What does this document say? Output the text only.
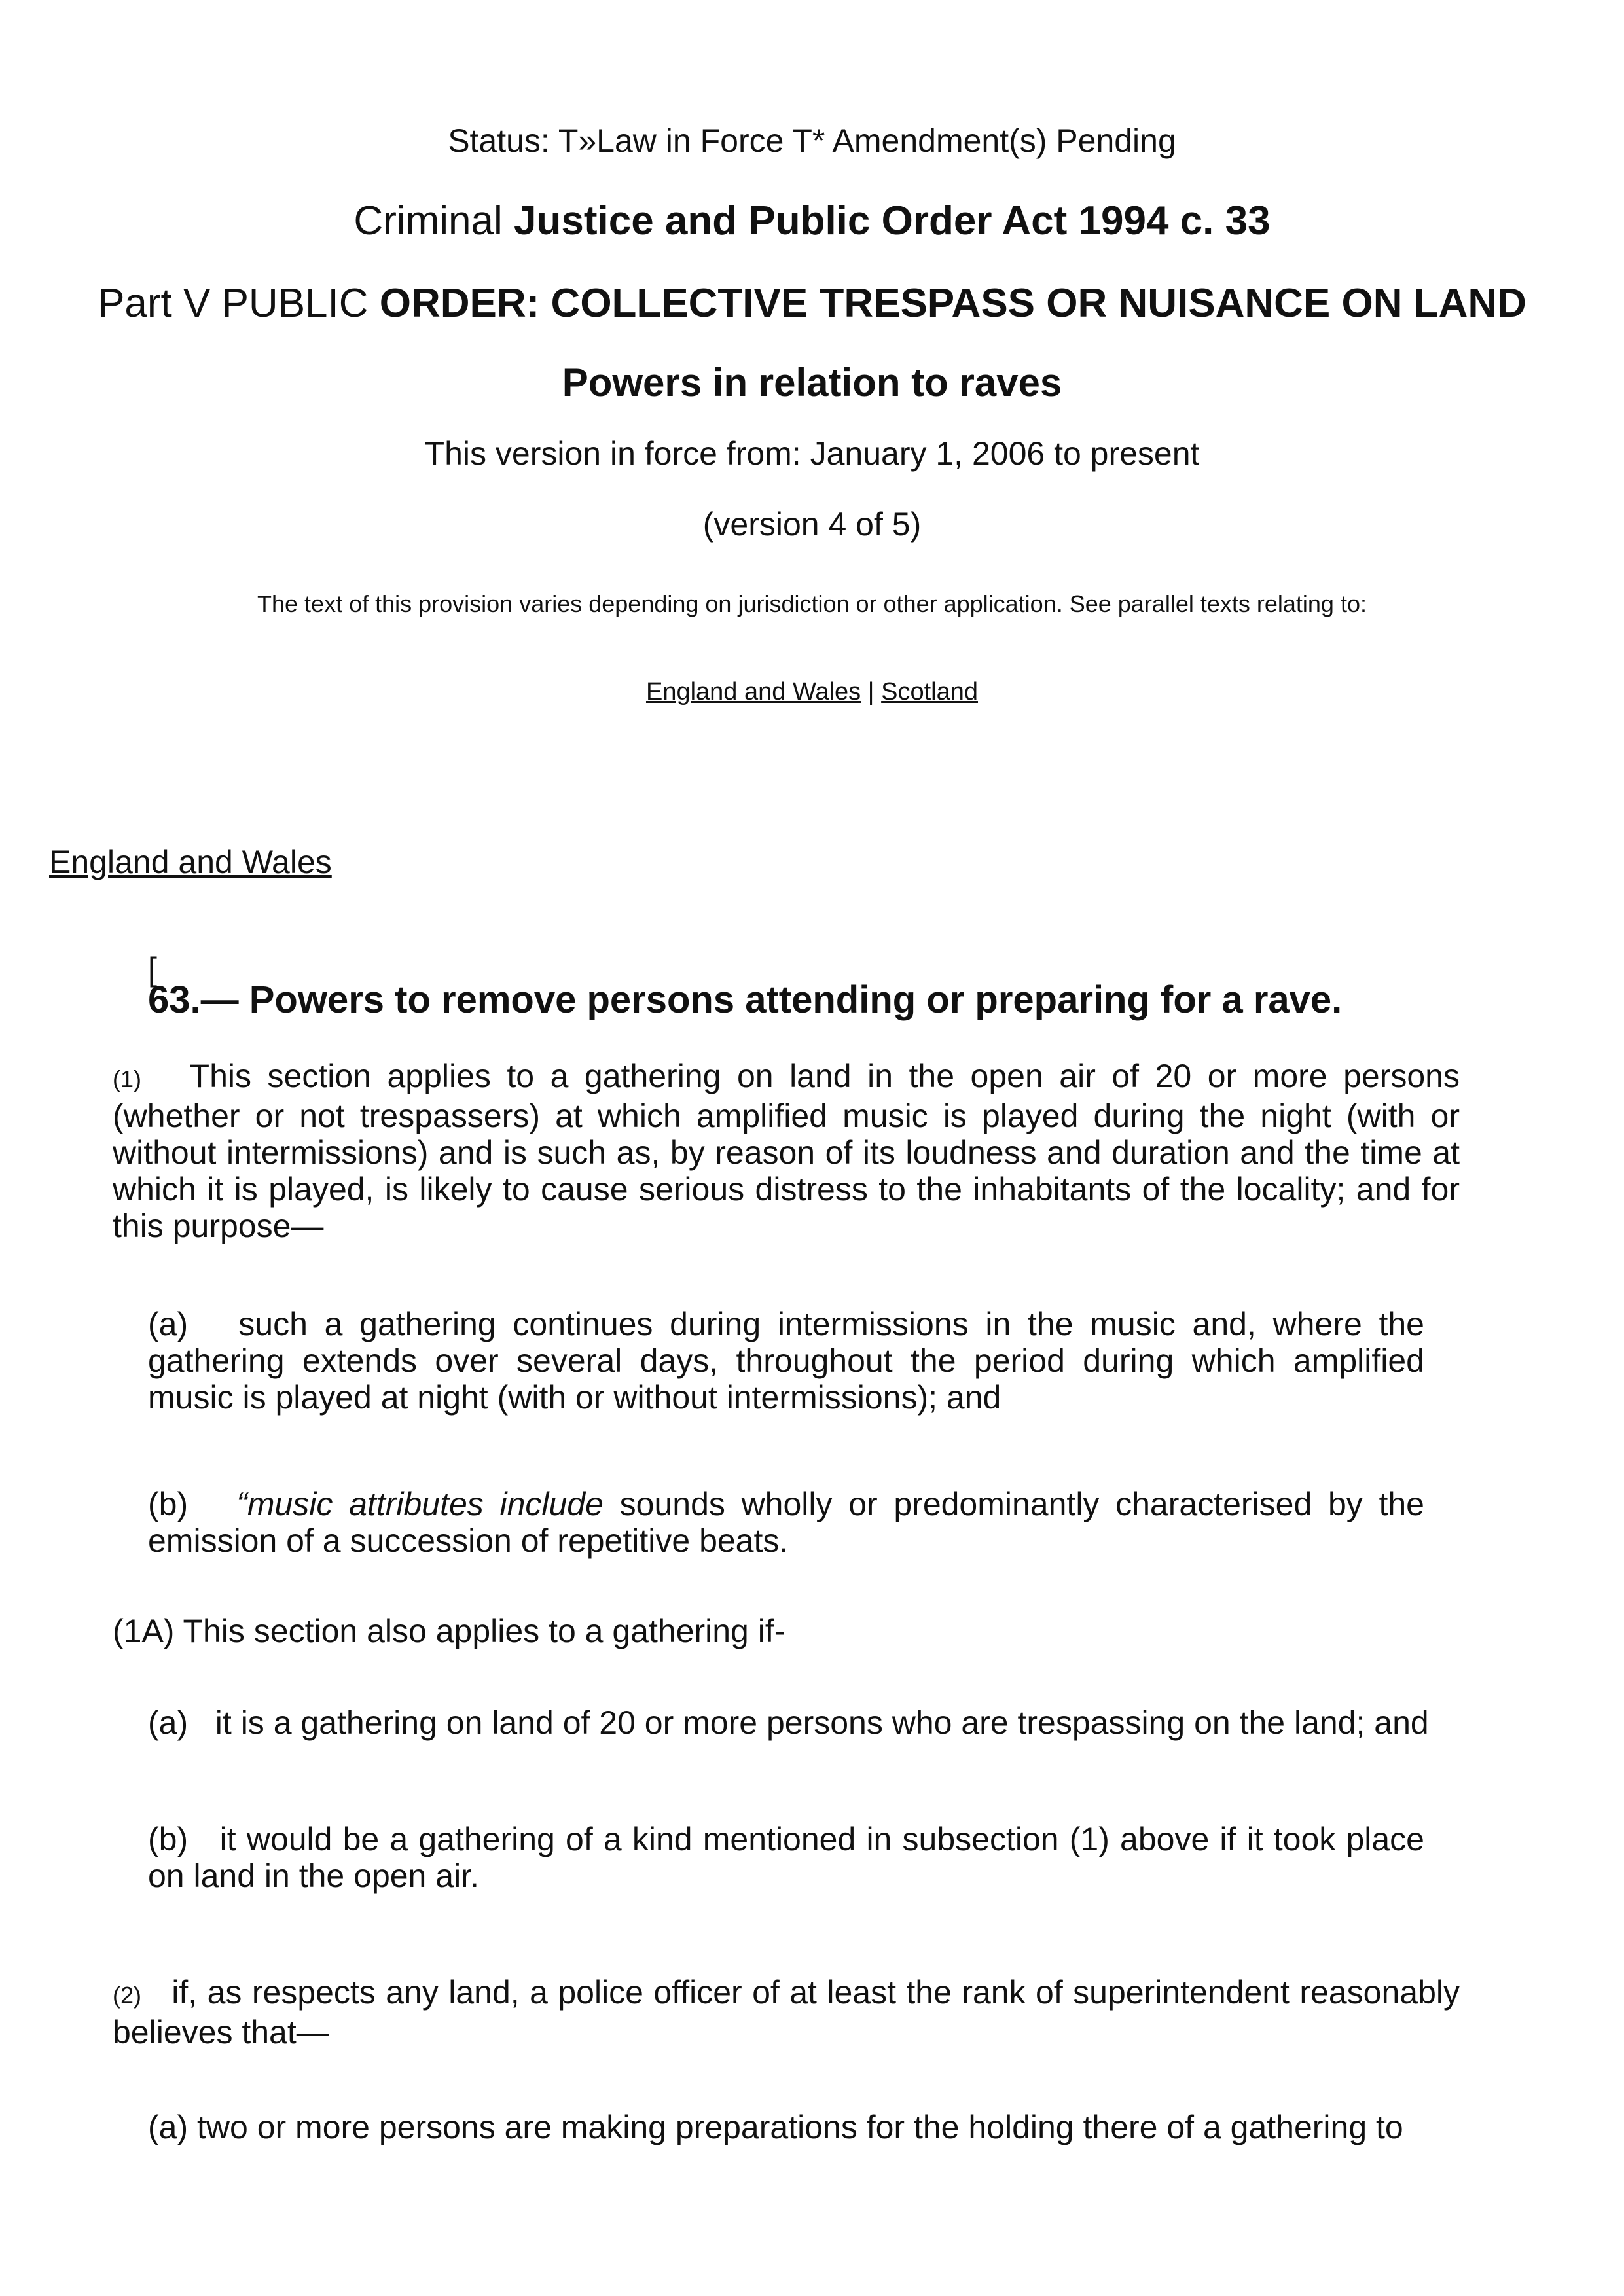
Status: T»Law in Force T* Amendment(s) Pending
Criminal Justice and Public Order Act 1994 c. 33
Part V PUBLIC ORDER: COLLECTIVE TRESPASS OR NUISANCE ON LAND
Powers in relation to raves
This version in force from: January 1, 2006 to present
(version 4 of 5)
The text of this provision varies depending on jurisdiction or other application. See parallel texts relating to:
England and Wales | Scotland
England and Wales
[
63.— Powers to remove persons attending or preparing for a rave.
(1) This section applies to a gathering on land in the open air of 20 or more persons (whether or not trespassers) at which amplified music is played during the night (with or without intermissions) and is such as, by reason of its loudness and duration and the time at which it is played, is likely to cause serious distress to the inhabitants of the locality; and for this purpose—
(a) such a gathering continues during intermissions in the music and, where the gathering extends over several days, throughout the period during which amplified music is played at night (with or without intermissions); and
(b) “music attributes include sounds wholly or predominantly characterised by the emission of a succession of repetitive beats.
(1A) This section also applies to a gathering if-
(a) it is a gathering on land of 20 or more persons who are trespassing on the land; and
(b) it would be a gathering of a kind mentioned in subsection (1) above if it took place on land in the open air.
(2) if, as respects any land, a police officer of at least the rank of superintendent reasonably believes that—
(a) two or more persons are making preparations for the holding there of a gathering to
